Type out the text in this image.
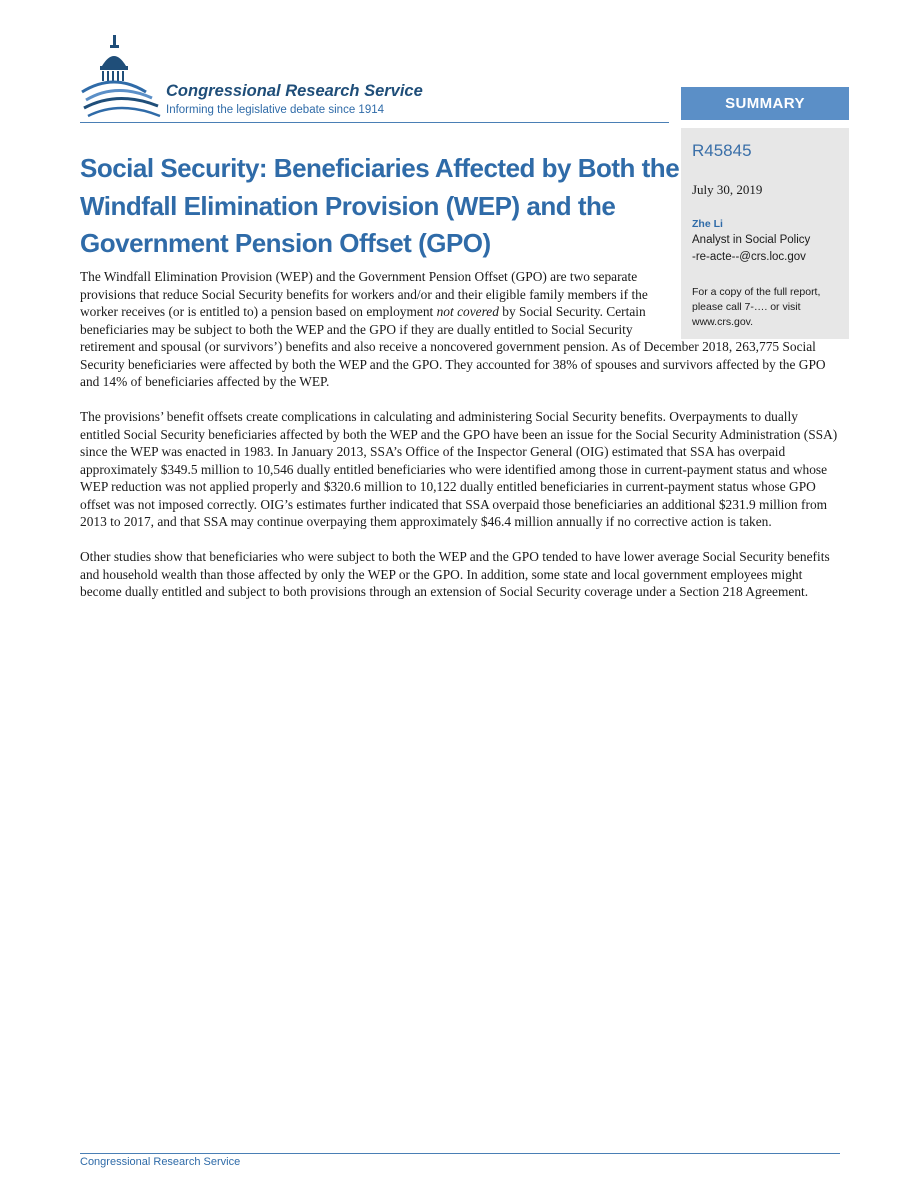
Congressional Research Service
Informing the legislative debate since 1914	SUMMARY
R45845
July 30, 2019
Zhe Li
Analyst in Social Policy
-re-acte--@crs.loc.gov
For a copy of the full report, please call 7-…. or visit www.crs.gov.
Social Security: Beneficiaries Affected by Both the Windfall Elimination Provision (WEP) and the Government Pension Offset (GPO)

The Windfall Elimination Provision (WEP) and the Government Pension Offset (GPO) are two separate provisions that reduce Social Security benefits for workers and/or and their eligible family members if the worker receives (or is entitled to) a pension based on employment not covered by Social Security. Certain beneficiaries may be subject to both the WEP and the GPO if they are dually entitled to Social Security retirement and spousal (or survivors’) benefits and also receive a noncovered government pension. As of December 2018, 263,775 Social Security beneficiaries were affected by both the WEP and the GPO. They accounted for 38% of spouses and survivors affected by the GPO and 14% of beneficiaries affected by the WEP.

The provisions’ benefit offsets create complications in calculating and administering Social Security benefits. Overpayments to dually entitled Social Security beneficiaries affected by both the WEP and the GPO have been an issue for the Social Security Administration (SSA) since the WEP was enacted in 1983. In January 2013, SSA’s Office of the Inspector General (OIG) estimated that SSA has overpaid approximately $349.5 million to 10,546 dually entitled beneficiaries who were identified among those in current-payment status and whose WEP reduction was not applied properly and $320.6 million to 10,122 dually entitled beneficiaries in current-payment status whose GPO offset was not imposed correctly. OIG’s estimates further indicated that SSA overpaid those beneficiaries an additional $231.9 million from 2013 to 2017, and that SSA may continue overpaying them approximately $46.4 million annually if no corrective action is taken.

Other studies show that beneficiaries who were subject to both the WEP and the GPO tended to have lower average Social Security benefits and household wealth than those affected by only the WEP or the GPO. In addition, some state and local government employees might become dually entitled and subject to both provisions through an extension of Social Security coverage under a Section 218 Agreement.

Congressional Research Service
